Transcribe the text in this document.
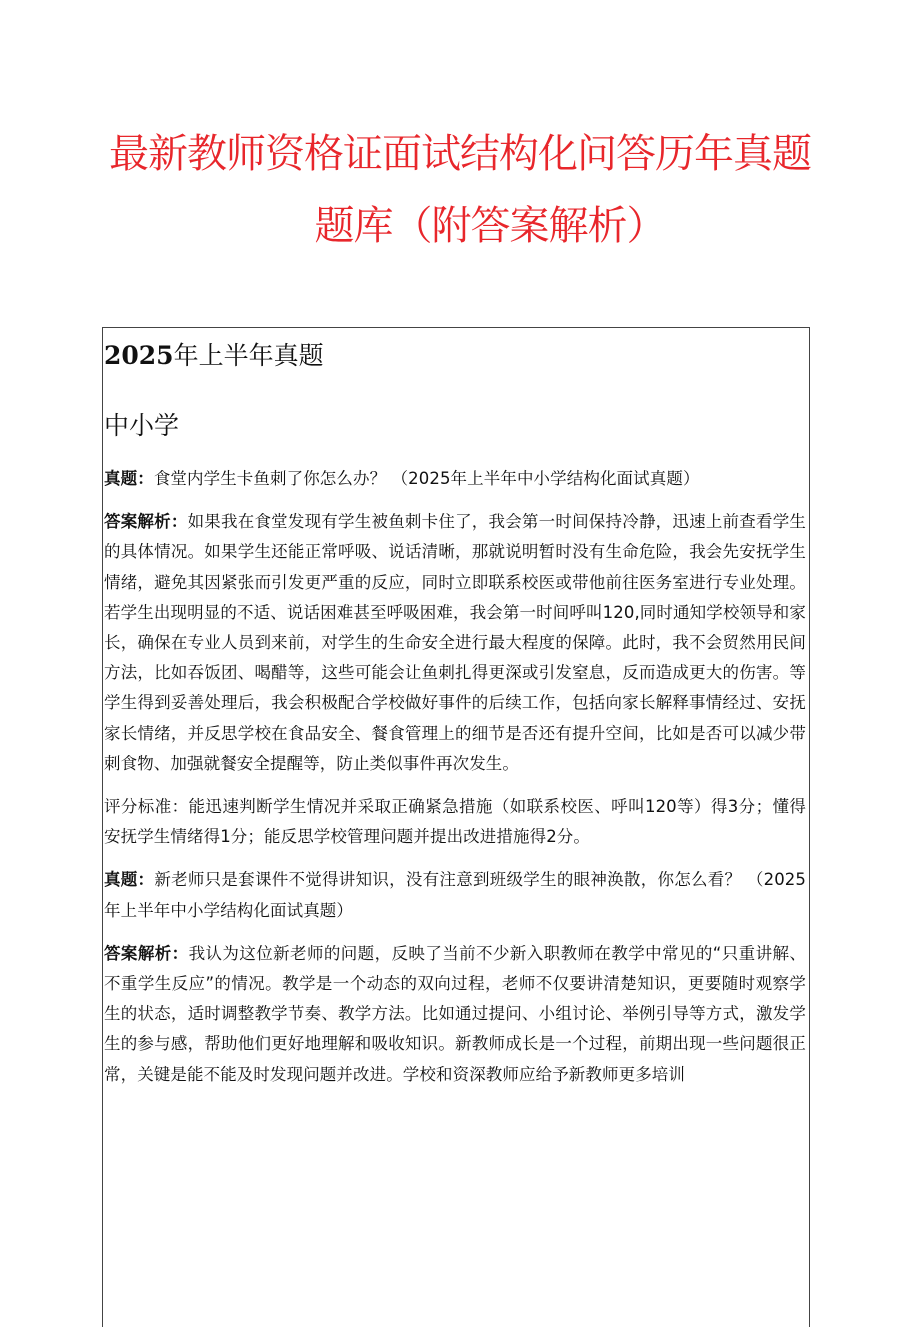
最新教师资格证面试结构化问答历年真题
题库（附答案解析）
2025年上半年真题
中小学

真题：食堂内学生卡鱼刺了你怎么办？ （2025年上半年中小学结构化面试真题）

答案解析：如果我在食堂发现有学生被鱼刺卡住了，我会第一时间保持冷静，迅速上前查看学生的具体情况。如果学生还能正常呼吸、说话清晰，那就说明暂时没有生命危险，我会先安抚学生情绪，避免其因紧张而引发更严重的反应，同时立即联系校医或带他前往医务室进行专业处理。若学生出现明显的不适、说话困难甚至呼吸困难，我会第一时间呼叫120,同时通知学校领导和家长，确保在专业人员到来前，对学生的生命安全进行最大程度的保障。此时，我不会贸然用民间方法，比如吞饭团、喝醋等，这些可能会让鱼刺扎得更深或引发窒息，反而造成更大的伤害。等学生得到妥善处理后，我会积极配合学校做好事件的后续工作，包括向家长解释事情经过、安抚家长情绪，并反思学校在食品安全、餐食管理上的细节是否还有提升空间，比如是否可以减少带刺食物、加强就餐安全提醒等，防止类似事件再次发生。

评分标准：能迅速判断学生情况并采取正确紧急措施（如联系校医、呼叫120等）得3分；懂得安抚学生情绪得1分；能反思学校管理问题并提出改进措施得2分。

真题：新老师只是套课件不觉得讲知识，没有注意到班级学生的眼神涣散，你怎么看？ （2025年上半年中小学结构化面试真题）

答案解析：我认为这位新老师的问题，反映了当前不少新入职教师在教学中常见的“只重讲解、不重学生反应”的情况。教学是一个动态的双向过程，老师不仅要讲清楚知识，更要随时观察学生的状态，适时调整教学节奏、教学方法。比如通过提问、小组讨论、举例引导等方式，激发学生的参与感，帮助他们更好地理解和吸收知识。新教师成长是一个过程，前期出现一些问题很正常，关键是能不能及时发现问题并改进。学校和资深教师应给予新教师更多培训
